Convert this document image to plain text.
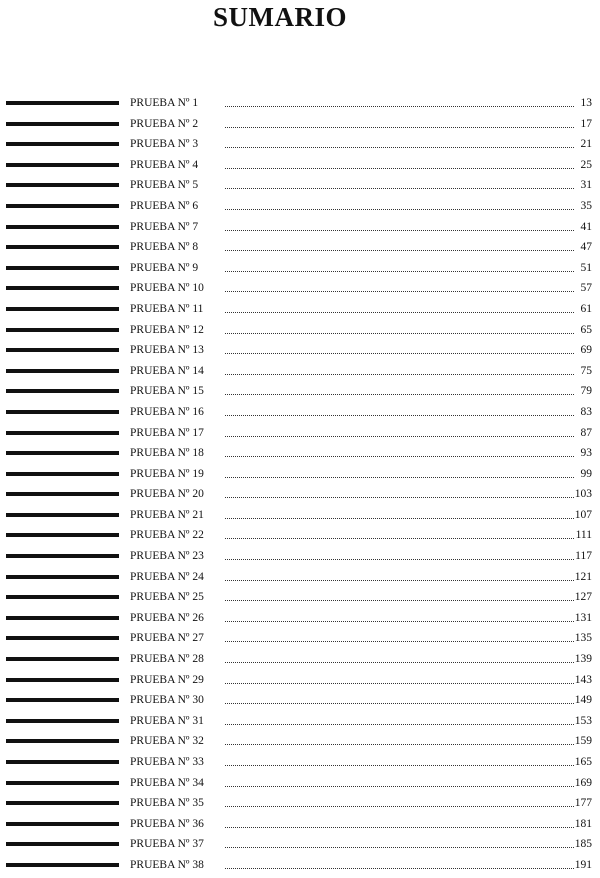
SUMARIO
PRUEBA Nº 1	13
PRUEBA Nº 2	17
PRUEBA Nº 3	21
PRUEBA Nº 4	25
PRUEBA Nº 5	31
PRUEBA Nº 6	35
PRUEBA Nº 7	41
PRUEBA Nº 8	47
PRUEBA Nº 9	51
PRUEBA Nº 10	57
PRUEBA Nº 11	61
PRUEBA Nº 12	65
PRUEBA Nº 13	69
PRUEBA Nº 14	75
PRUEBA Nº 15	79
PRUEBA Nº 16	83
PRUEBA Nº 17	87
PRUEBA Nº 18	93
PRUEBA Nº 19	99
PRUEBA Nº 20	103
PRUEBA Nº 21	107
PRUEBA Nº 22	111
PRUEBA Nº 23	117
PRUEBA Nº 24	121
PRUEBA Nº 25	127
PRUEBA Nº 26	131
PRUEBA Nº 27	135
PRUEBA Nº 28	139
PRUEBA Nº 29	143
PRUEBA Nº 30	149
PRUEBA Nº 31	153
PRUEBA Nº 32	159
PRUEBA Nº 33	165
PRUEBA Nº 34	169
PRUEBA Nº 35	177
PRUEBA Nº 36	181
PRUEBA Nº 37	185
PRUEBA Nº 38	191
